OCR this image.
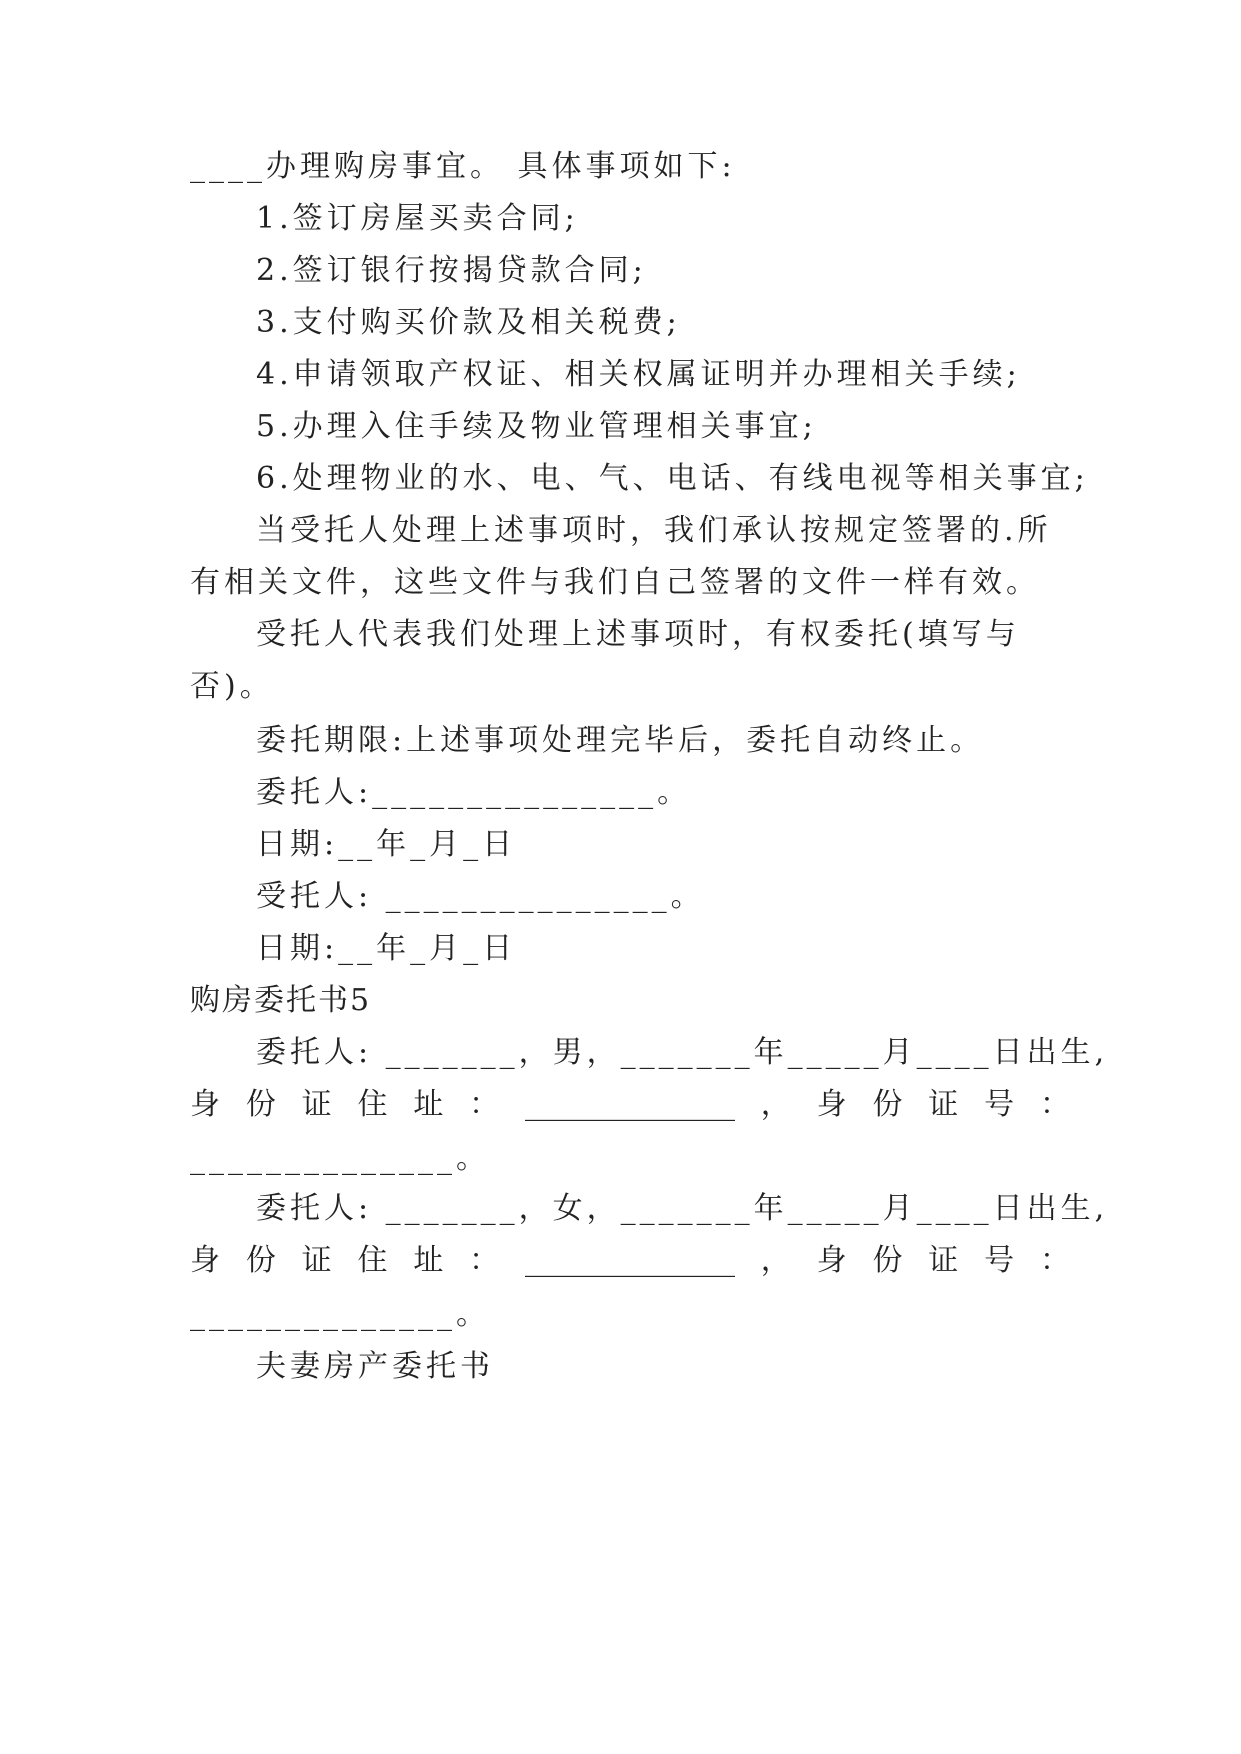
____办理购房事宜。 具体事项如下:
1.签订房屋买卖合同;
2.签订银行按揭贷款合同;
3.支付购买价款及相关税费;
4.申请领取产权证、相关权属证明并办理相关手续;
5.办理入住手续及物业管理相关事宜;
6.处理物业的水、电、气、电话、有线电视等相关事宜;
当受托人处理上述事项时，我们承认按规定签署的.所
有相关文件，这些文件与我们自己签署的文件一样有效。
受托人代表我们处理上述事项时，有权委托(填写与
否)。
委托期限:上述事项处理完毕后，委托自动终止。
委托人:_______________。
日期:__年_月_日
受托人: _______________。
日期:__年_月_日
购房委托书5
委托人: _______，男，_______年_____月____日出生,
身 份 证 住 址 ： ______________ ， 身 份 证 号 ：
______________。
委托人: _______，女，_______年_____月____日出生,
身 份 证 住 址 ： ______________ ， 身 份 证 号 ：
______________。
夫妻房产委托书
